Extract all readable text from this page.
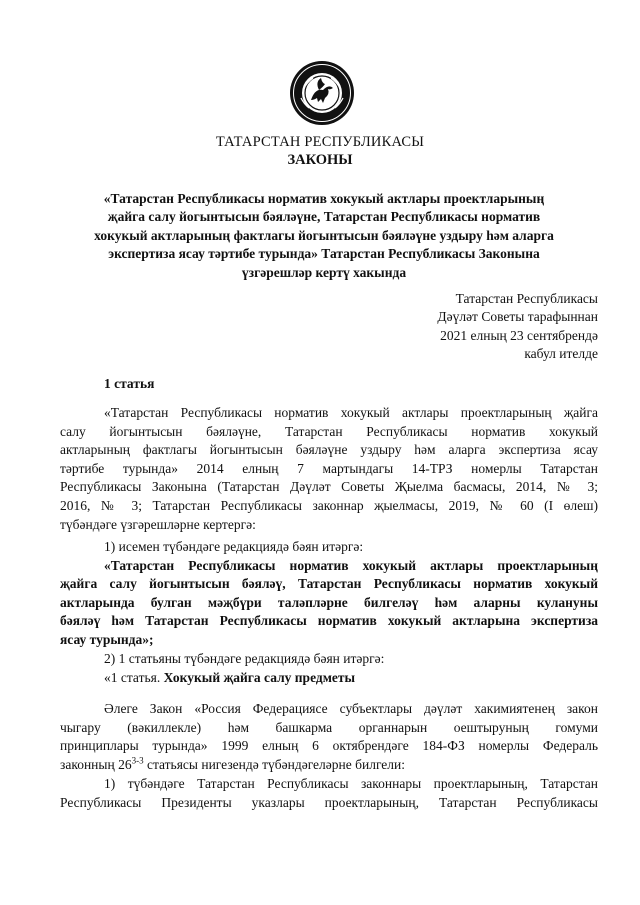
ТАТАРСТАН РЕСПУБЛИКАСЫ
ЗАКОНЫ
«Татарстан Республикасы норматив хокукый актлары проектларының
җайга салу йогынтысын бәяләүне, Татарстан Республикасы норматив
хокукый актларының фактлагы йогынтысын бәяләүне уздыру һәм аларга
экспертиза ясау тәртибе турында» Татарстан Республикасы Законына
үзгәрешләр кертү хакында
Татарстан Республикасы
Дәүләт Советы тарафыннан
2021 елның 23 сентябрендә
кабул ителде
1 статья
«Татарстан Республикасы норматив хокукый актлары проектларының җайга
салу йогынтысын бәяләүне, Татарстан Республикасы норматив хокукый
актларының фактлагы йогынтысын бәяләүне уздыру һәм аларга экспертиза ясау
тәртибе турында» 2014 елның 7 мартындагы 14-ТРЗ номерлы Татарстан
Республикасы Законына (Татарстан Дәүләт Советы Җыелма басмасы, 2014, № 3;
2016, № 3; Татарстан Республикасы законнар җыелмасы, 2019, № 60 (I өлеш)
түбәндәге үзгәрешләрне кертергә:
1) исемен түбәндәге редакциядә бәян итәргә:
«Татарстан Республикасы норматив хокукый актлары проектларының
җайга салу йогынтысын бәяләү, Татарстан Республикасы норматив хокукый
актларында булган мәҗбүри таләпләрне билгеләү һәм аларны кулануны
бәяләү һәм Татарстан Республикасы норматив хокукый актларына экспертиза
ясау турында»;
2) 1 статьяны түбәндәге редакциядә бәян итәргә:
«1 статья. Хокукый җайга салу предметы
Әлеге Закон «Россия Федерациясе субъектлары дәүләт хакимиятенең закон
чыгару (вәкиллекле) һәм башкарма органнарын оештыруның гомуми
принциплары турында» 1999 елның 6 октябрендәге 184-ФЗ номерлы Федераль
законның 26$^{3-3}$ статьясы нигезендә түбәндәгеләрне билгели:
1) түбәндәге Татарстан Республикасы законнары проектларының, Татарстан
Республикасы Президенты указлары проектларының, Татарстан Республикасы
